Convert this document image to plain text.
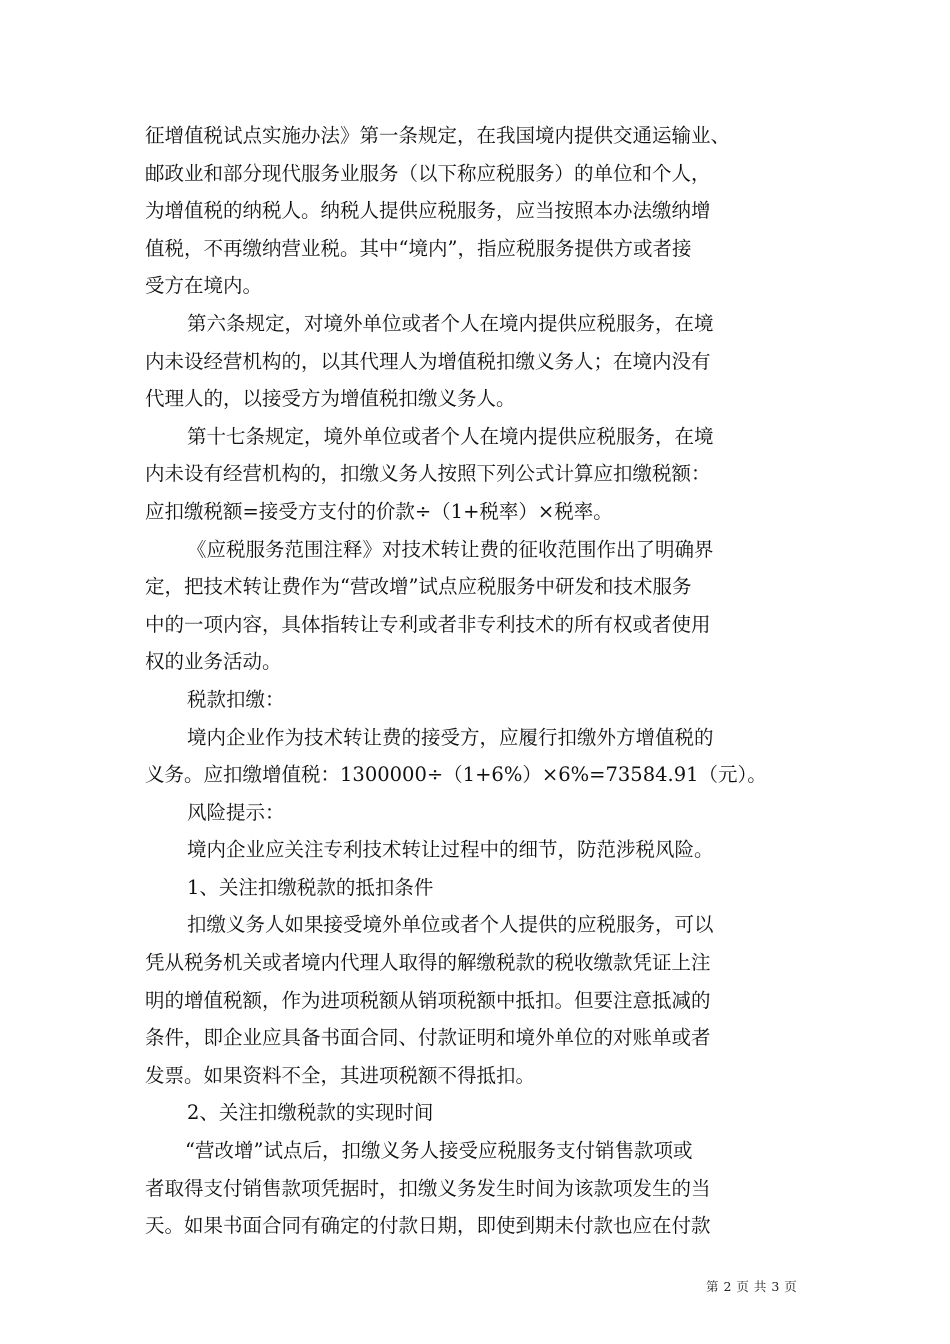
征增值税试点实施办法》第一条规定，在我国境内提供交通运输业、
邮政业和部分现代服务业服务（以下称应税服务）的单位和个人，
为增值税的纳税人。纳税人提供应税服务，应当按照本办法缴纳增
值税，不再缴纳营业税。其中“境内”，指应税服务提供方或者接
受方在境内。

第六条规定，对境外单位或者个人在境内提供应税服务，在境
内未设经营机构的，以其代理人为增值税扣缴义务人；在境内没有
代理人的，以接受方为增值税扣缴义务人。

第十七条规定，境外单位或者个人在境内提供应税服务，在境
内未设有经营机构的，扣缴义务人按照下列公式计算应扣缴税额：
应扣缴税额=接受方支付的价款÷（1+税率）×税率。

《应税服务范围注释》对技术转让费的征收范围作出了明确界
定，把技术转让费作为“营改增”试点应税服务中研发和技术服务
中的一项内容，具体指转让专利或者非专利技术的所有权或者使用
权的业务活动。

税款扣缴：

境内企业作为技术转让费的接受方，应履行扣缴外方增值税的
义务。应扣缴增值税：1300000÷（1+6%）×6%=73584.91（元）。

风险提示：

境内企业应关注专利技术转让过程中的细节，防范涉税风险。

1、关注扣缴税款的抵扣条件

扣缴义务人如果接受境外单位或者个人提供的应税服务，可以
凭从税务机关或者境内代理人取得的解缴税款的税收缴款凭证上注
明的增值税额，作为进项税额从销项税额中抵扣。但要注意抵减的
条件，即企业应具备书面合同、付款证明和境外单位的对账单或者
发票。如果资料不全，其进项税额不得抵扣。

2、关注扣缴税款的实现时间

“营改增”试点后，扣缴义务人接受应税服务支付销售款项或
者取得支付销售款项凭据时，扣缴义务发生时间为该款项发生的当
天。如果书面合同有确定的付款日期，即使到期未付款也应在付款

第 2 页 共 3 页
